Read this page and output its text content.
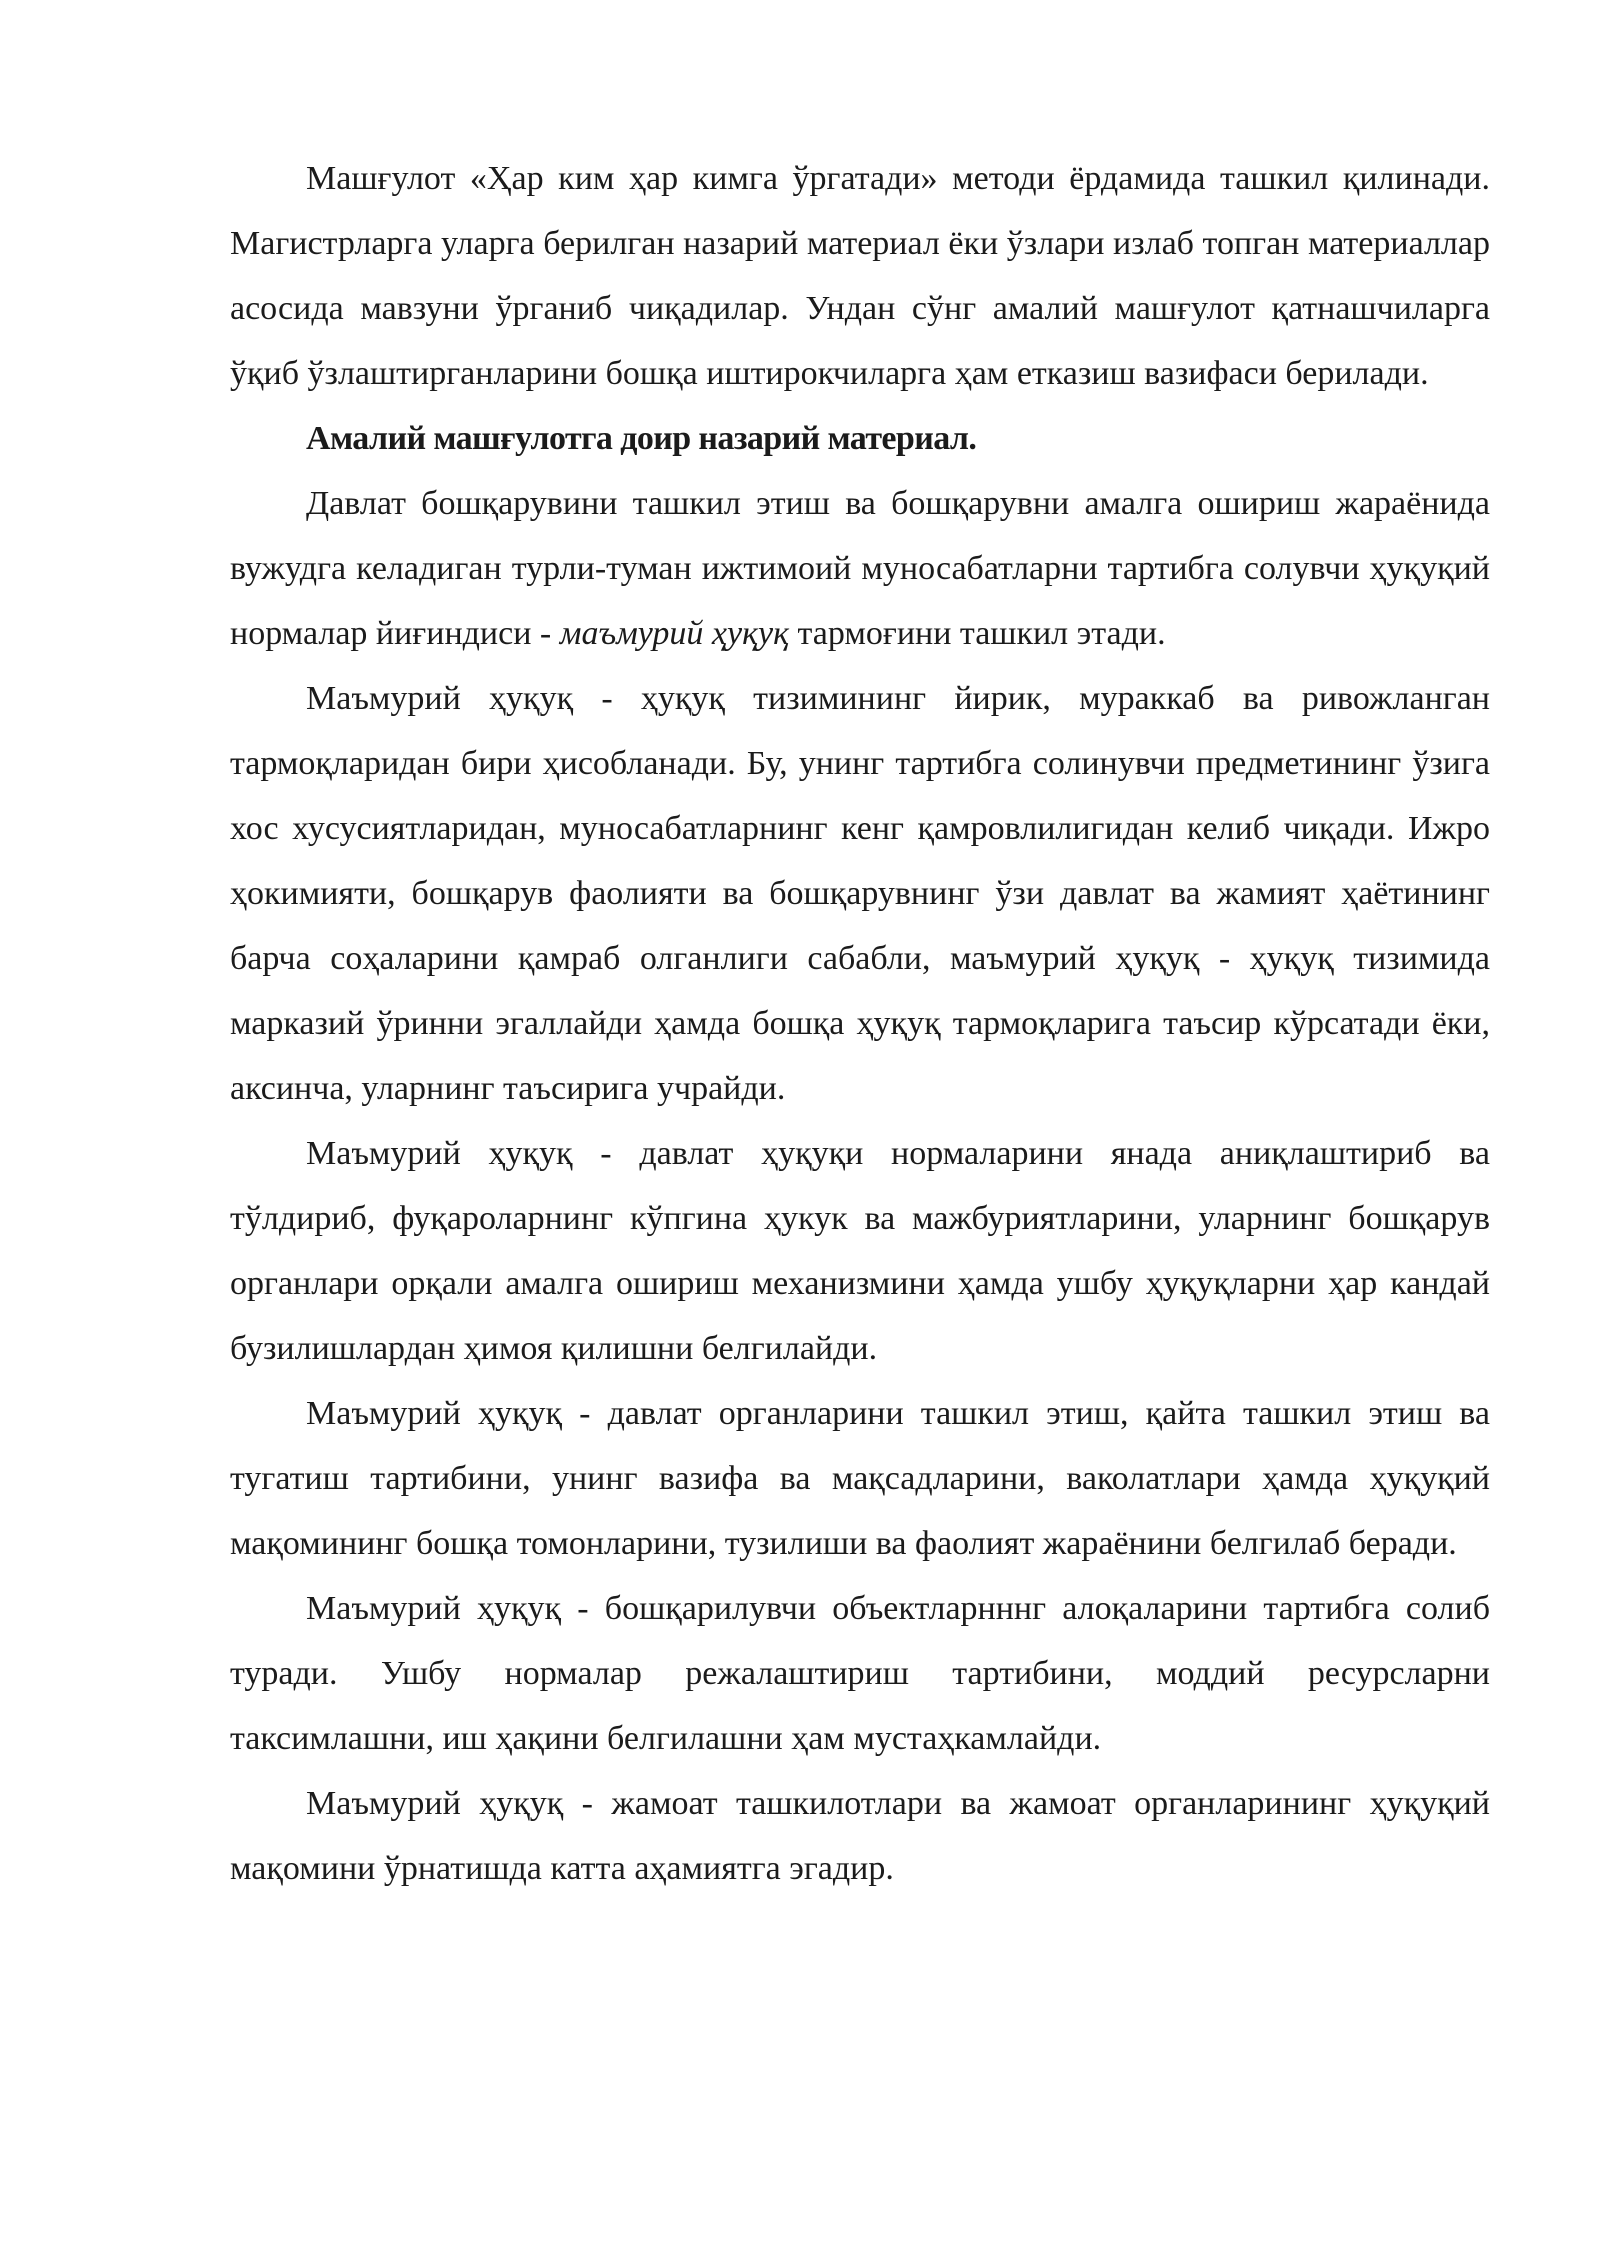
Машғулот «Ҳар ким ҳар кимга ўргатади» методи ёрдамида ташкил қилинади. Магистрларга уларга берилган назарий материал ёки ўзлари излаб топган материаллар асосида мавзуни ўрганиб чиқадилар. Ундан сўнг амалий машғулот қатнашчиларга ўқиб ўзлаштирганларини бошқа иштирокчиларга ҳам етказиш вазифаси берилади.

Амалий машғулотга доир назарий материал.

Давлат бошқарувини ташкил этиш ва бошқарувни амалга ошириш жараёнида вужудга келадиган турли-туман ижтимоий муносабатларни тартибга солувчи ҳуқуқий нормалар йиғиндиси - маъмурий ҳуқуқ тармоғини ташкил этади.

Маъмурий ҳуқуқ - ҳуқуқ тизимининг йирик, мураккаб ва ривожланган тармоқларидан бири ҳисобланади. Бу, унинг тартибга солинувчи предметининг ўзига хос хусусиятларидан, муносабатларнинг кенг қамровлилигидан келиб чиқади. Ижро ҳокимияти, бошқарув фаолияти ва бошқарувнинг ўзи давлат ва жамият ҳаётининг барча соҳаларини қамраб олганлиги сабабли, маъмурий ҳуқуқ - ҳуқуқ тизимида марказий ўринни эгаллайди ҳамда бошқа ҳуқуқ тармоқларига таъсир кўрсатади ёки, аксинча, уларнинг таъсирига учрайди.

Маъмурий ҳуқуқ - давлат ҳуқуқи нормаларини янада аниқлаштириб ва тўлдириб, фуқароларнинг кўпгина ҳукук ва мажбуриятларини, уларнинг бошқарув органлари орқали амалга ошириш механизмини ҳамда ушбу ҳуқуқларни ҳар кандай бузилишлардан ҳимоя қилишни белгилайди.

Маъмурий ҳуқуқ - давлат органларини ташкил этиш, қайта ташкил этиш ва тугатиш тартибини, унинг вазифа ва мақсадларини, ваколатлари ҳамда ҳуқуқий мақомининг бошқа томонларини, тузилиши ва фаолият жараёнини белгилаб беради.

Маъмурий ҳуқуқ - бошқарилувчи объектларнннг алоқаларини тартибга солиб туради. Ушбу нормалар режалаштириш тартибини, моддий ресурсларни таксимлашни, иш ҳақини белгилашни ҳам мустаҳкамлайди.

Маъмурий ҳуқуқ - жамоат ташкилотлари ва жамоат органларининг ҳуқуқий мақомини ўрнатишда катта аҳамиятга эгадир.
